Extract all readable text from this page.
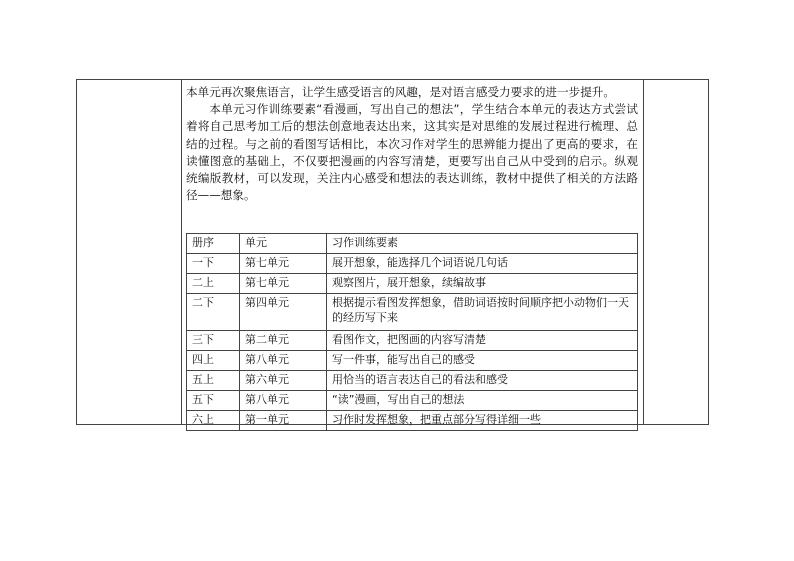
本单元再次聚焦语言，让学生感受语言的风趣，是对语言感受力要求的进一步提升。

本单元习作训练要素“看漫画，写出自己的想法”，学生结合本单元的表达方式尝试着将自己思考加工后的想法创意地表达出来，这其实是对思维的发展过程进行梳理、总结的过程。与之前的看图写话相比，本次习作对学生的思辨能力提出了更高的要求，在读懂图意的基础上，不仅要把漫画的内容写清楚，更要写出自己从中受到的启示。纵观统编版教材，可以发现，关注内心感受和想法的表达训练，教材中提供了相关的方法路径——想象。

册序	单元	习作训练要素
一下	第七单元	展开想象，能选择几个词语说几句话
二上	第七单元	观察图片，展开想象，续编故事
二下	第四单元	根据提示看图发挥想象，借助词语按时间顺序把小动物们一天的经历写下来
三下	第二单元	看图作文，把图画的内容写清楚
四上	第八单元	写一件事，能写出自己的感受
五上	第六单元	用恰当的语言表达自己的看法和感受
五下	第八单元	“读”漫画，写出自己的想法
六上	第一单元	习作时发挥想象，把重点部分写得详细一些
